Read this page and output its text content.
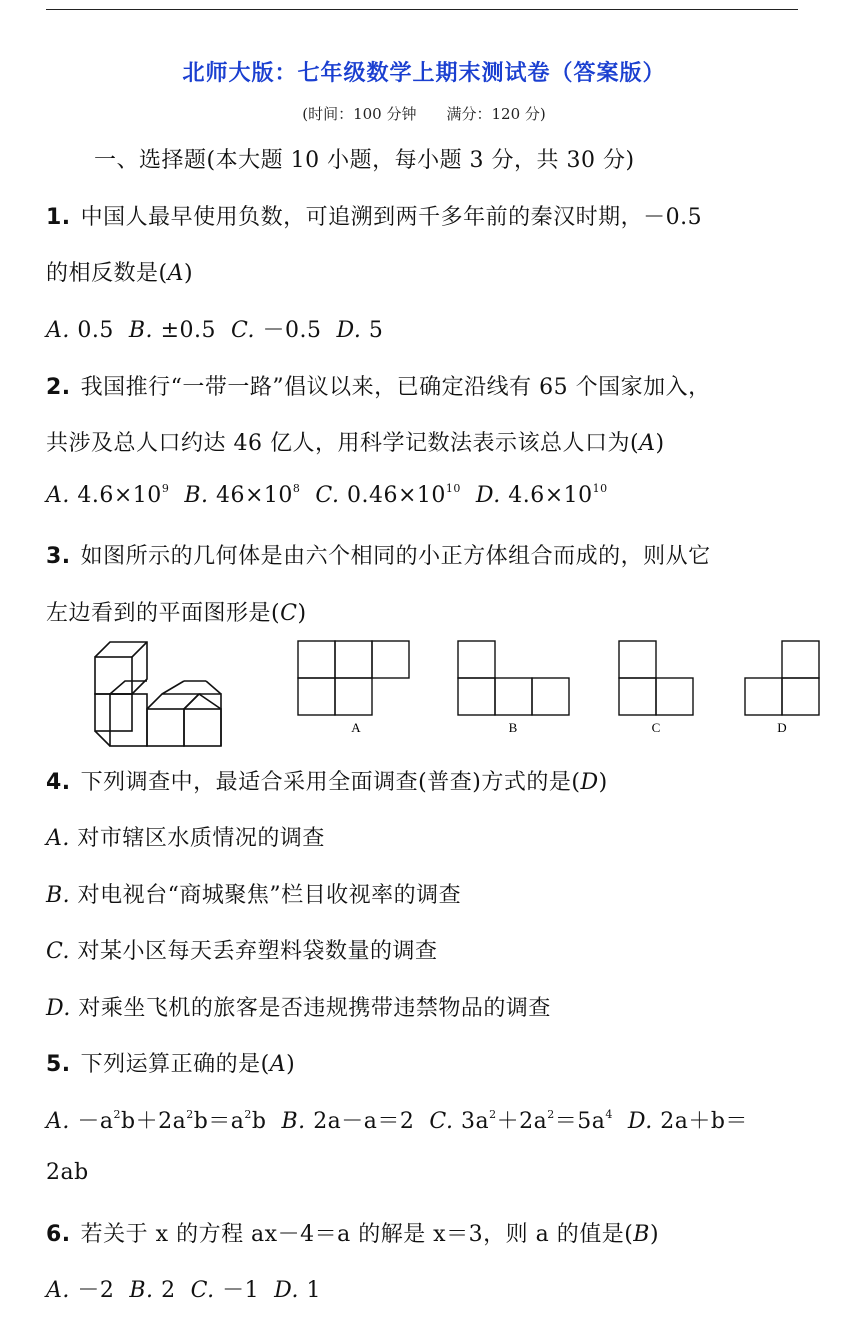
北师大版：七年级数学上期末测试卷（答案版）
(时间：100 分钟　　满分：120 分)
一、选择题(本大题 10 小题，每小题 3 分，共 30 分)
1. 中国人最早使用负数，可追溯到两千多年前的秦汉时期，－0.5
的相反数是(A)
A. 0.5 B. ±0.5 C. －0.5 D. 5
2. 我国推行“一带一路”倡议以来，已确定沿线有 65 个国家加入，
共涉及总人口约达 46 亿人，用科学记数法表示该总人口为(A)
A. $4.6\times 10^9$ B. $46\times 10^8$ C. $0.46\times 10^{10}$ D. $4.6\times 10^{10}$
3. 如图所示的几何体是由六个相同的小正方体组合而成的，则从它
左边看到的平面图形是(C)
A	B	C	D
4. 下列调查中，最适合采用全面调查(普查)方式的是(D)
A. 对市辖区水质情况的调查
B. 对电视台“商城聚焦”栏目收视率的调查
C. 对某小区每天丢弃塑料袋数量的调查
D. 对乘坐飞机的旅客是否违规携带违禁物品的调查
5. 下列运算正确的是(A)
A. $-a^2b+2a^2b=a^2b$ B. 2a－a＝2 C. $3a^2+2a^2=5a^4$ D. 2a＋b＝
2ab
6. 若关于 x 的方程 ax－4＝a 的解是 x＝3，则 a 的值是(B)
A. －2 B. 2 C. －1 D. 1
